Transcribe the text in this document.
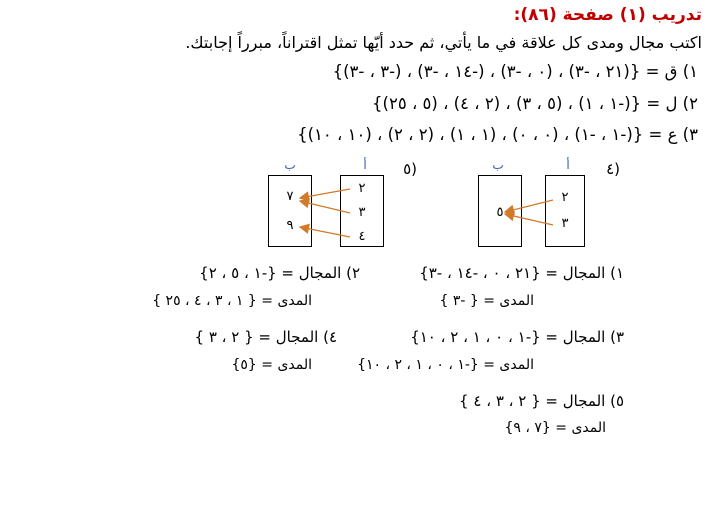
تدريب (١) صفحة (٨٦):
اكتب مجال ومدى كل علاقة في ما يأتي، ثم حدد أيّها تمثل اقتراناً، مبرراً إجابتك.
١) ق = {(٢١ ، -٣) ، (٠ ، -٣) ، (-١٤ ، -٣) ، (-٣ ، -٣)}
٢) ل = {(-١ ، ١) ، (٥ ، ٣) ، (٢ ، ٤) ، (٥ ، ٢٥)}
٣) ع = {(-١ ، -١) ، (٠ ، ٠) ، (١ ، ١) ، (٢ ، ٢) ، (١٠ ، ١٠)}
٤)
أ
ب
٢
٣
٥
٥)
أ
ب
٢
٣
٤
٧
٩
١) المجال = {٢١ ، ٠ ، -١٤ ، -٣}
المدى = { -٣ }
٢) المجال = {-١ ، ٥ ، ٢}
المدى = { ١ ، ٣ ، ٤ ، ٢٥ }
٣) المجال = {-١ ، ٠ ، ١ ، ٢ ، ١٠}
المدى = {-١ ، ٠ ، ١ ، ٢ ، ١٠}
٤) المجال = { ٢ ، ٣ }
المدى = {٥}
٥) المجال = { ٢ ، ٣ ، ٤ }
المدى = {٧ ، ٩}
